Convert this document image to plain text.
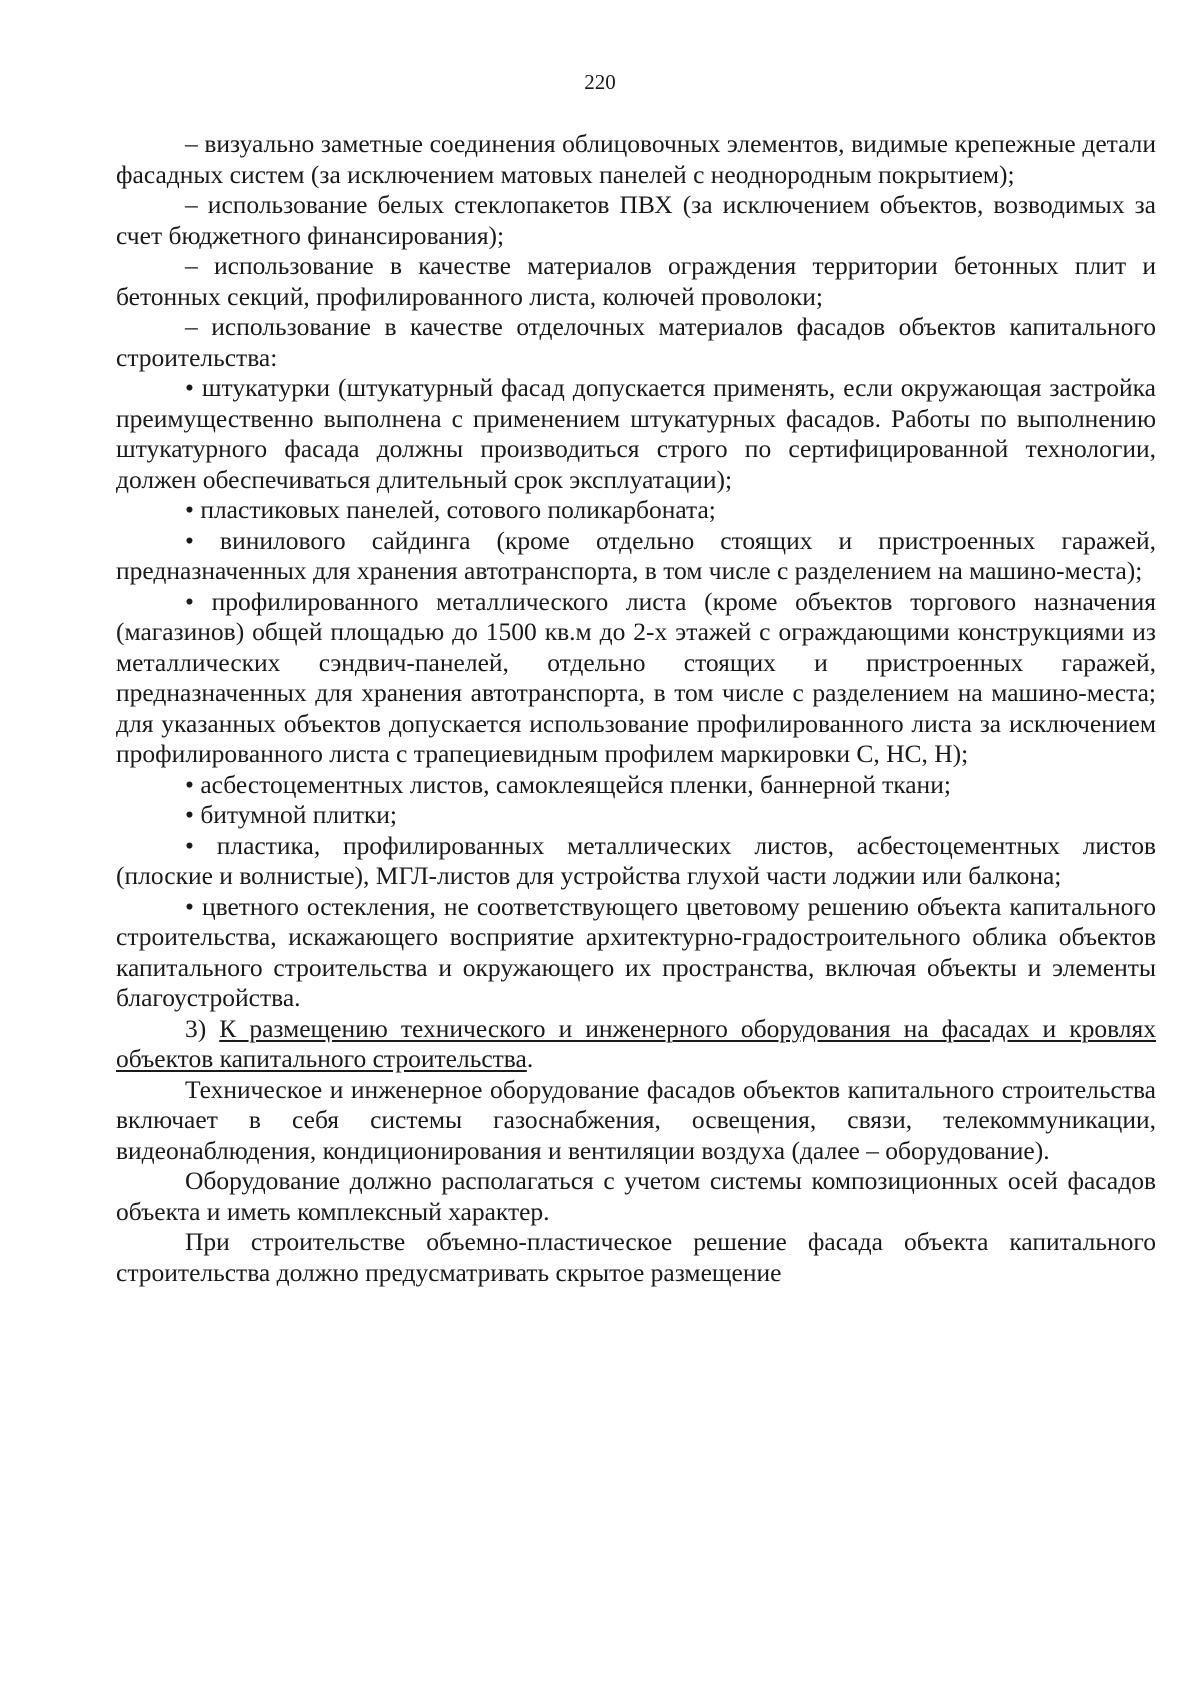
220

– визуально заметные соединения облицовочных элементов, видимые крепежные детали фасадных систем (за исключением матовых панелей с неоднородным покрытием);

– использование белых стеклопакетов ПВХ (за исключением объектов, возводимых за счет бюджетного финансирования);

– использование в качестве материалов ограждения территории бетонных плит и бетонных секций, профилированного листа, колючей проволоки;

– использование в качестве отделочных материалов фасадов объектов капитального строительства:

• штукатурки (штукатурный фасад допускается применять, если окружающая застройка преимущественно выполнена с применением штукатурных фасадов. Работы по выполнению штукатурного фасада должны производиться строго по сертифицированной технологии, должен обеспечиваться длительный срок эксплуатации);

• пластиковых панелей, сотового поликарбоната;

• винилового сайдинга (кроме отдельно стоящих и пристроенных гаражей, предназначенных для хранения автотранспорта, в том числе с разделением на машино-места);

• профилированного металлического листа (кроме объектов торгового назначения (магазинов) общей площадью до 1500 кв.м до 2-х этажей с ограждающими конструкциями из металлических сэндвич-панелей, отдельно стоящих и пристроенных гаражей, предназначенных для хранения автотранспорта, в том числе с разделением на машино-места; для указанных объектов допускается использование профилированного листа за исключением профилированного листа с трапециевидным профилем маркировки С, НС, Н);

• асбестоцементных листов, самоклеящейся пленки, баннерной ткани;

• битумной плитки;

• пластика, профилированных металлических листов, асбестоцементных листов (плоские и волнистые), МГЛ-листов для устройства глухой части лоджии или балкона;

• цветного остекления, не соответствующего цветовому решению объекта капитального строительства, искажающего восприятие архитектурно-градостроительного облика объектов капитального строительства и окружающего их пространства, включая объекты и элементы благоустройства.

3) К размещению технического и инженерного оборудования на фасадах и кровлях объектов капитального строительства.

Техническое и инженерное оборудование фасадов объектов капитального строительства включает в себя системы газоснабжения, освещения, связи, телекоммуникации, видеонаблюдения, кондиционирования и вентиляции воздуха (далее – оборудование).

Оборудование должно располагаться с учетом системы композиционных осей фасадов объекта и иметь комплексный характер.

При строительстве объемно-пластическое решение фасада объекта капитального строительства должно предусматривать скрытое размещение
